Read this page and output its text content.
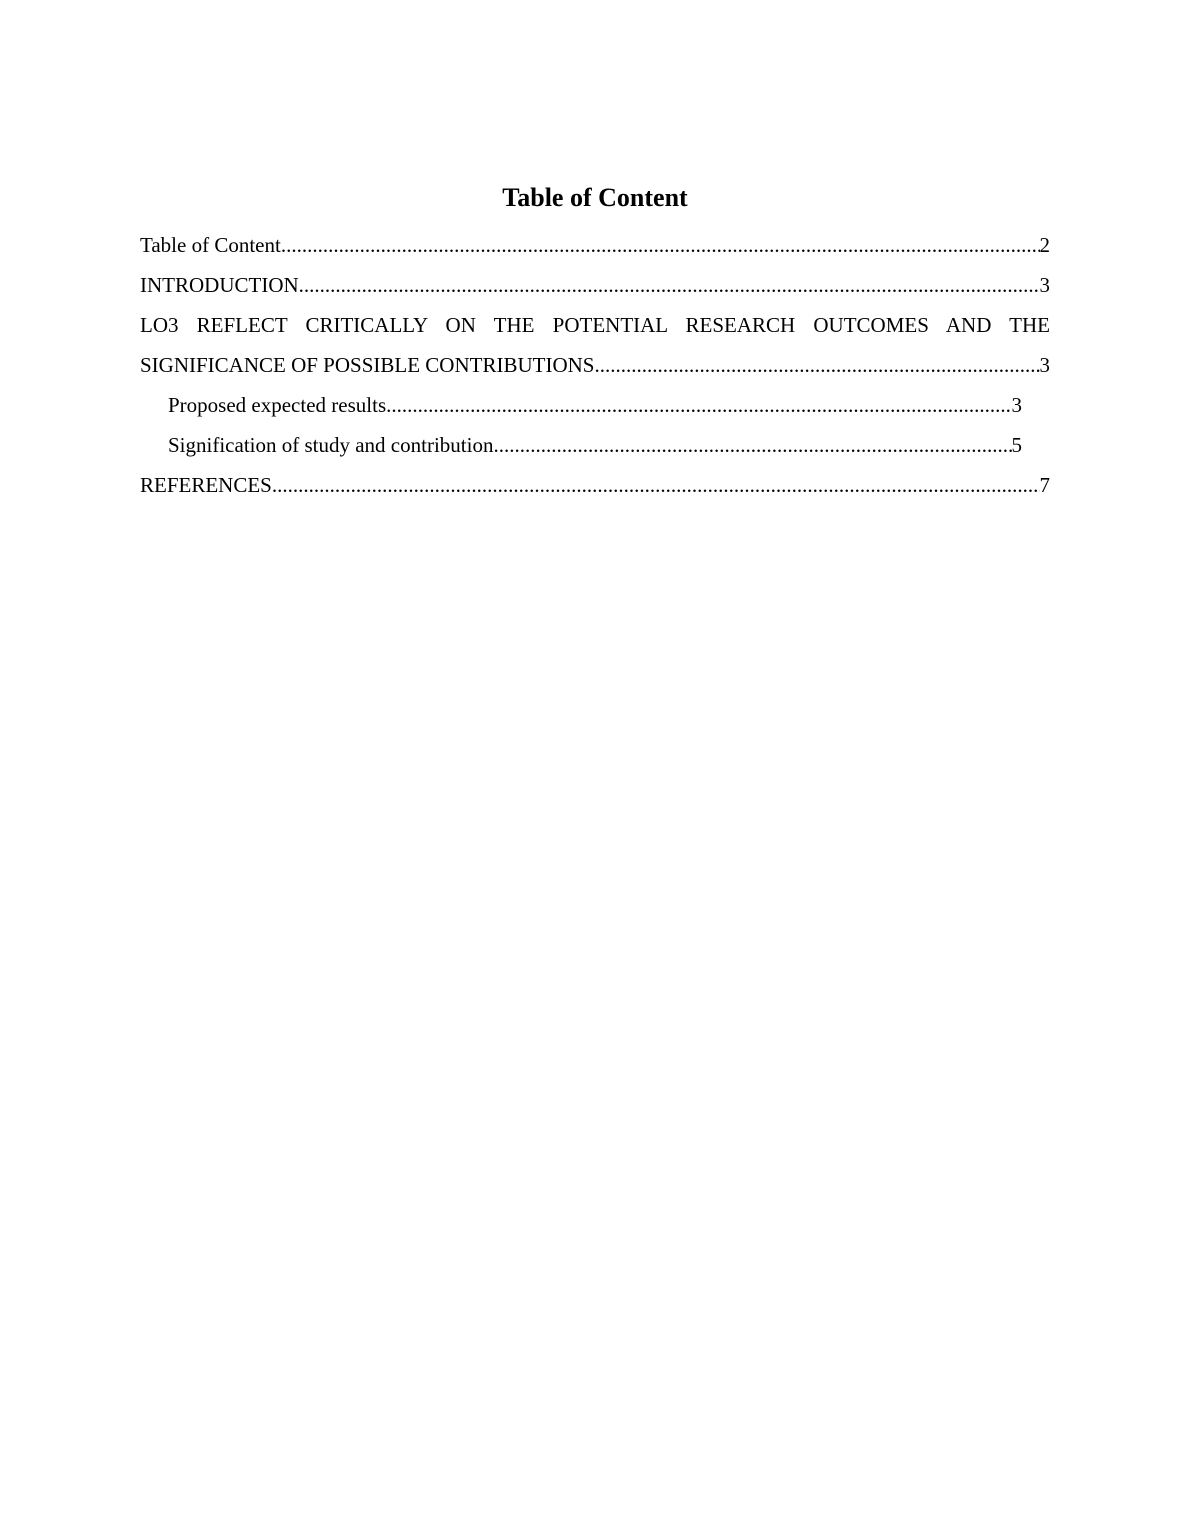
Table of Content
Table of Content .....	2
INTRODUCTION .....	3
LO3 REFLECT CRITICALLY ON THE POTENTIAL RESEARCH OUTCOMES AND THE
SIGNIFICANCE OF POSSIBLE CONTRIBUTIONS .....	3
Proposed expected results .....	3
Signification of study and contribution .....	5
REFERENCES .....	7
